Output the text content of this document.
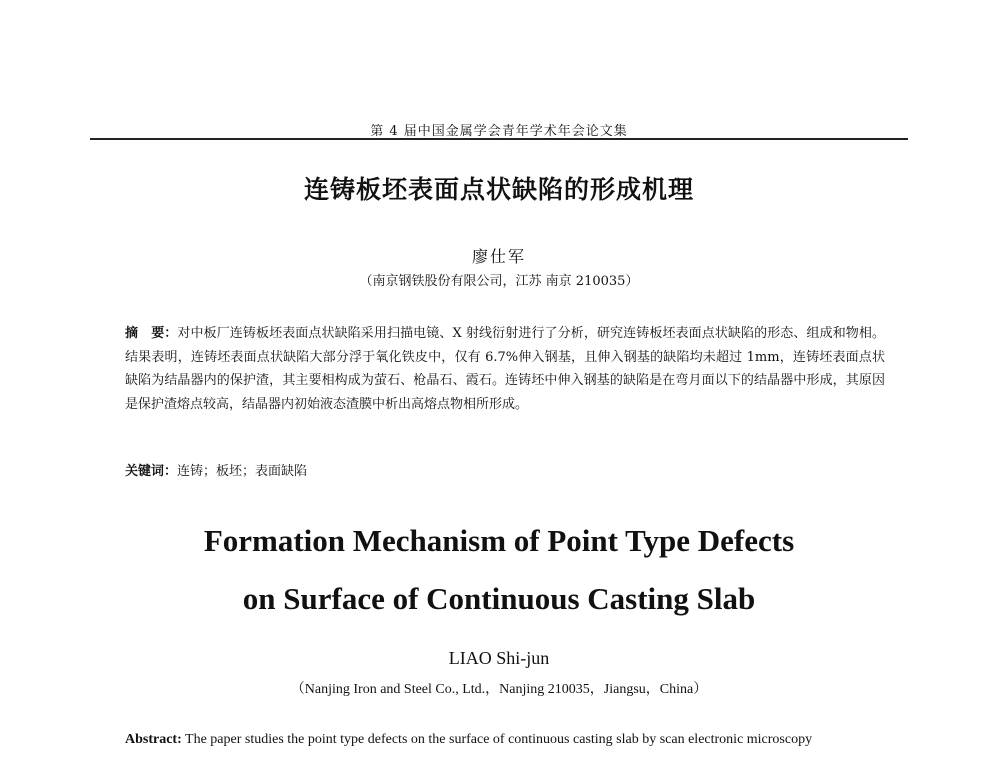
第 4 届中国金属学会青年学术年会论文集
连铸板坯表面点状缺陷的形成机理
廖仕军
（南京钢铁股份有限公司，江苏 南京 210035）
摘　要：对中板厂连铸板坯表面点状缺陷采用扫描电镜、X 射线衍射进行了分析，研究连铸板坯表面点状缺陷的形态、组成和物相。结果表明，连铸坯表面点状缺陷大部分浮于氧化铁皮中，仅有 6.7%伸入钢基，且伸入钢基的缺陷均未超过 1mm，连铸坯表面点状缺陷为结晶器内的保护渣，其主要相构成为萤石、枪晶石、霞石。连铸坯中伸入钢基的缺陷是在弯月面以下的结晶器中形成，其原因是保护渣熔点较高，结晶器内初始液态渣膜中析出高熔点物相所形成。
关键词：连铸；板坯；表面缺陷
Formation Mechanism of Point Type Defects
on Surface of Continuous Casting Slab
LIAO Shi-jun
（Nanjing Iron and Steel Co., Ltd.，Nanjing 210035，Jiangsu，China）
Abstract: The paper studies the point type defects on the surface of continuous casting slab by scan electronic microscopy
